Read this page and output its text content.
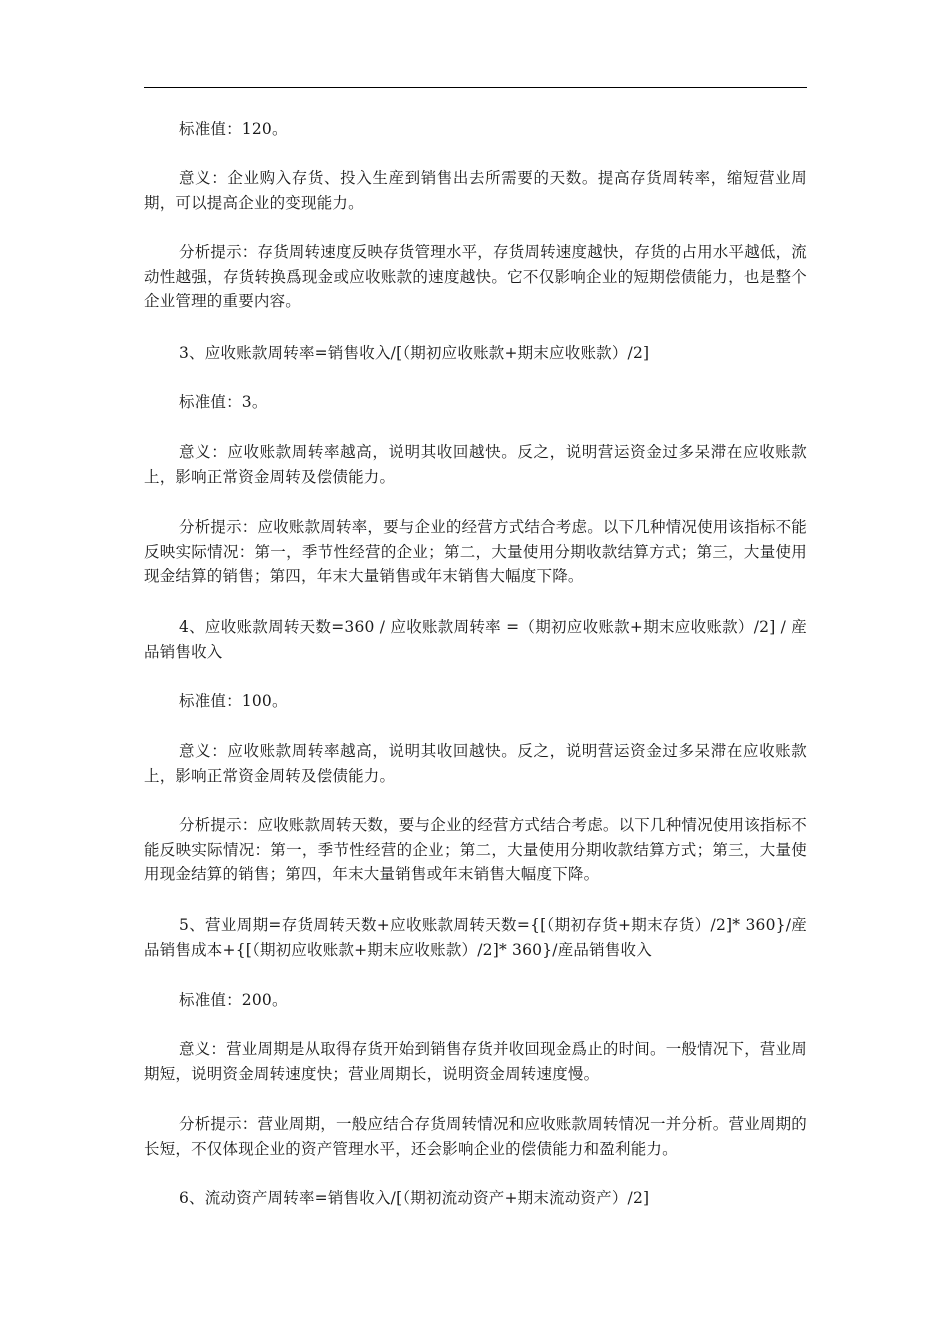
标准值：120。

意义：企业购入存货、投入生産到销售出去所需要的天数。提高存货周转率，缩短营业周期，可以提高企业的变现能力。

分析提示：存货周转速度反映存货管理水平，存货周转速度越快，存货的占用水平越低，流动性越强，存货转换爲现金或应收账款的速度越快。它不仅影响企业的短期偿债能力，也是整个企业管理的重要内容。

3、应收账款周转率=销售收入/[（期初应收账款+期末应收账款）/2]

标准值：3。

意义：应收账款周转率越高，说明其收回越快。反之，说明营运资金过多呆滞在应收账款上，影响正常资金周转及偿债能力。

分析提示：应收账款周转率，要与企业的经营方式结合考虑。以下几种情况使用该指标不能反映实际情况：第一，季节性经营的企业；第二，大量使用分期收款结算方式；第三，大量使用现金结算的销售；第四，年末大量销售或年末销售大幅度下降。

4、应收账款周转天数=360 / 应收账款周转率 =（期初应收账款+期末应收账款）/2] / 産品销售收入

标准值：100。

意义：应收账款周转率越高，说明其收回越快。反之，说明营运资金过多呆滞在应收账款上，影响正常资金周转及偿债能力。

分析提示：应收账款周转天数，要与企业的经营方式结合考虑。以下几种情况使用该指标不能反映实际情况：第一，季节性经营的企业；第二，大量使用分期收款结算方式；第三，大量使用现金结算的销售；第四，年末大量销售或年末销售大幅度下降。

5、营业周期=存货周转天数+应收账款周转天数={[（期初存货+期末存货）/2]* 360}/産品销售成本+{[（期初应收账款+期末应收账款）/2]* 360}/産品销售收入

标准值：200。

意义：营业周期是从取得存货开始到销售存货并收回现金爲止的时间。一般情况下，营业周期短，说明资金周转速度快；营业周期长，说明资金周转速度慢。

分析提示：营业周期，一般应结合存货周转情况和应收账款周转情况一并分析。营业周期的长短，不仅体现企业的资产管理水平，还会影响企业的偿债能力和盈利能力。

6、流动资产周转率=销售收入/[（期初流动资产+期末流动资产）/2]
